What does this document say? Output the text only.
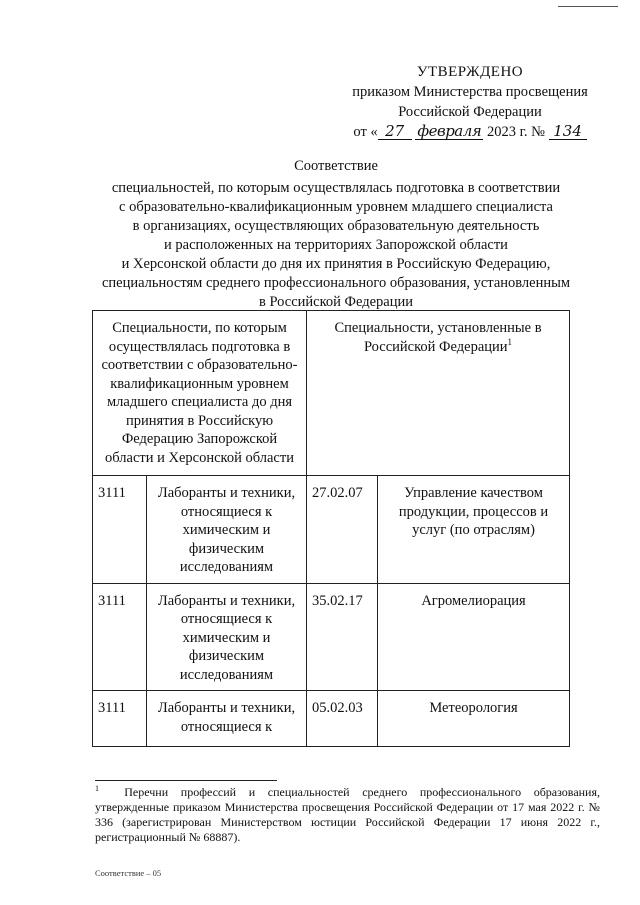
УТВЕРЖДЕНО
приказом Министерства просвещения
Российской Федерации
от « 27 февраля 2023 г. № 134
Соответствие
специальностей, по которым осуществлялась подготовка в соответствии
с образовательно-квалификационным уровнем младшего специалиста
в организациях, осуществляющих образовательную деятельность
и расположенных на территориях Запорожской области
и Херсонской области до дня их принятия в Российскую Федерацию,
специальностям среднего профессионального образования, установленным
в Российской Федерации
Специальности, по которым осуществлялась подготовка в соответствии с образовательно-квалификационным уровнем младшего специалиста до дня принятия в Российскую Федерацию Запорожской области и Херсонской области		Специальности, установленные в Российской Федерации$^1$
3111	Лаборанты и техники, относящиеся к химическим и физическим исследованиям	27.02.07	Управление качеством продукции, процессов и услуг (по отраслям)
3111	Лаборанты и техники, относящиеся к химическим и физическим исследованиям	35.02.17	Агромелиорация
3111	Лаборанты и техники, относящиеся к	05.02.03	Метеорология
$^1$ Перечни профессий и специальностей среднего профессионального образования, утвержденные приказом Министерства просвещения Российской Федерации от 17 мая 2022 г. № 336 (зарегистрирован Министерством юстиции Российской Федерации 17 июня 2022 г., регистрационный № 68887).
Соответствие – 05
